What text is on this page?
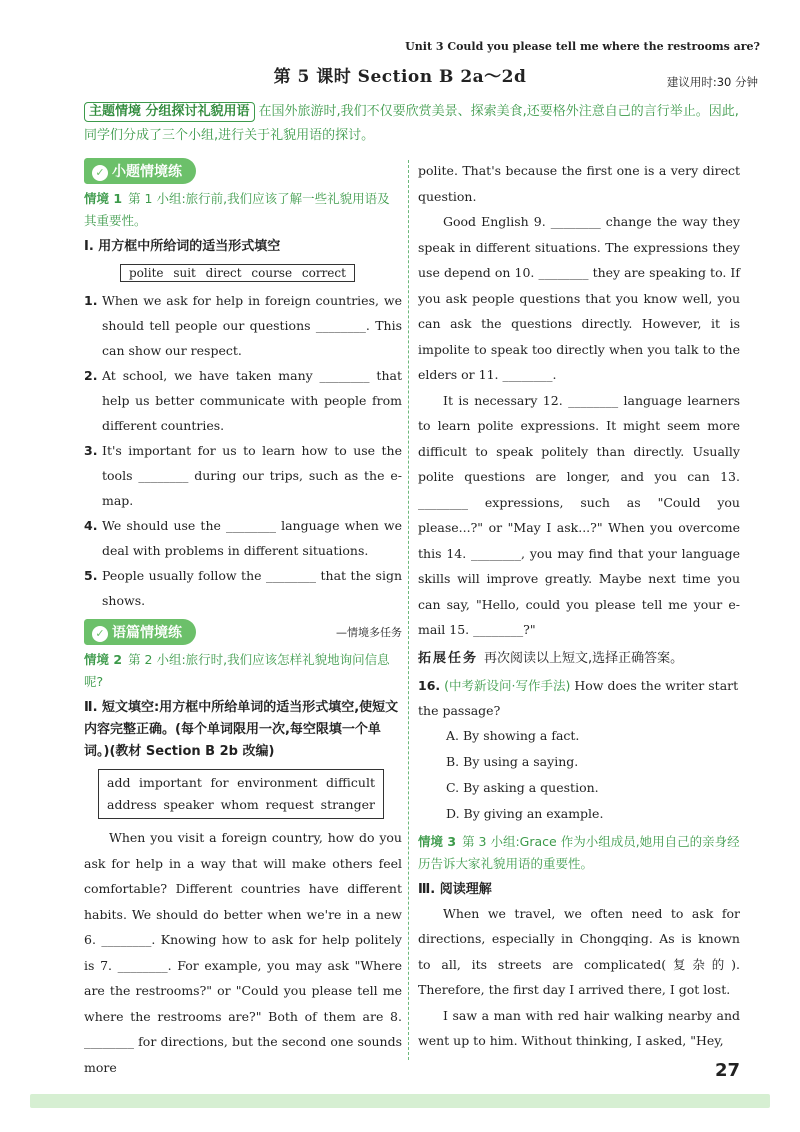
Unit 3 Could you please tell me where the restrooms are?
第 5 课时 Section B 2a～2d	建议用时:30 分钟
主题情境 分组探讨礼貌用语 在国外旅游时,我们不仅要欣赏美景、探索美食,还要格外注意自己的言行举止。因此,同学们分成了三个小组,进行关于礼貌用语的探讨。
✓ 小题情境练
情境 1 第 1 小组:旅行前,我们应该了解一些礼貌用语及其重要性。
Ⅰ. 用方框中所给词的适当形式填空
polite suit direct course correct
1. When we ask for help in foreign countries, we should tell people our questions ________. This can show our respect.
2. At school, we have taken many ________ that help us better communicate with people from different countries.
3. It's important for us to learn how to use the tools ________ during our trips, such as the e-map.
4. We should use the ________ language when we deal with problems in different situations.
5. People usually follow the ________ that the sign shows.
✓ 语篇情境练	—情境多任务
情境 2 第 2 小组:旅行时,我们应该怎样礼貌地询问信息呢?
Ⅱ. 短文填空:用方框中所给单词的适当形式填空,使短文内容完整正确。(每个单词限用一次,每空限填一个单词。)(教材 Section B 2b 改编)
add important for environment difficult
address speaker whom request stranger
When you visit a foreign country, how do you ask for help in a way that will make others feel comfortable? Different countries have different habits. We should do better when we're in a new 6. ________. Knowing how to ask for help politely is 7. ________. For example, you may ask "Where are the restrooms?" or "Could you please tell me where the restrooms are?" Both of them are 8. ________ for directions, but the second one sounds more
polite. That's because the first one is a very direct question.
Good English 9. ________ change the way they speak in different situations. The expressions they use depend on 10. ________ they are speaking to. If you ask people questions that you know well, you can ask the questions directly. However, it is impolite to speak too directly when you talk to the elders or 11. ________.
It is necessary 12. ________ language learners to learn polite expressions. It might seem more difficult to speak politely than directly. Usually polite questions are longer, and you can 13. ________ expressions, such as "Could you please...?" or "May I ask...?" When you overcome this 14. ________, you may find that your language skills will improve greatly. Maybe next time you can say, "Hello, could you please tell me your e-mail 15. ________?"
拓展任务 再次阅读以上短文,选择正确答案。
16. (中考新设问·写作手法) How does the writer start the passage?
A. By showing a fact.
B. By using a saying.
C. By asking a question.
D. By giving an example.
情境 3 第 3 小组:Grace 作为小组成员,她用自己的亲身经历告诉大家礼貌用语的重要性。
Ⅲ. 阅读理解
When we travel, we often need to ask for directions, especially in Chongqing. As is known to all, its streets are complicated(复杂的). Therefore, the first day I arrived there, I got lost.
I saw a man with red hair walking nearby and went up to him. Without thinking, I asked, "Hey,
27
